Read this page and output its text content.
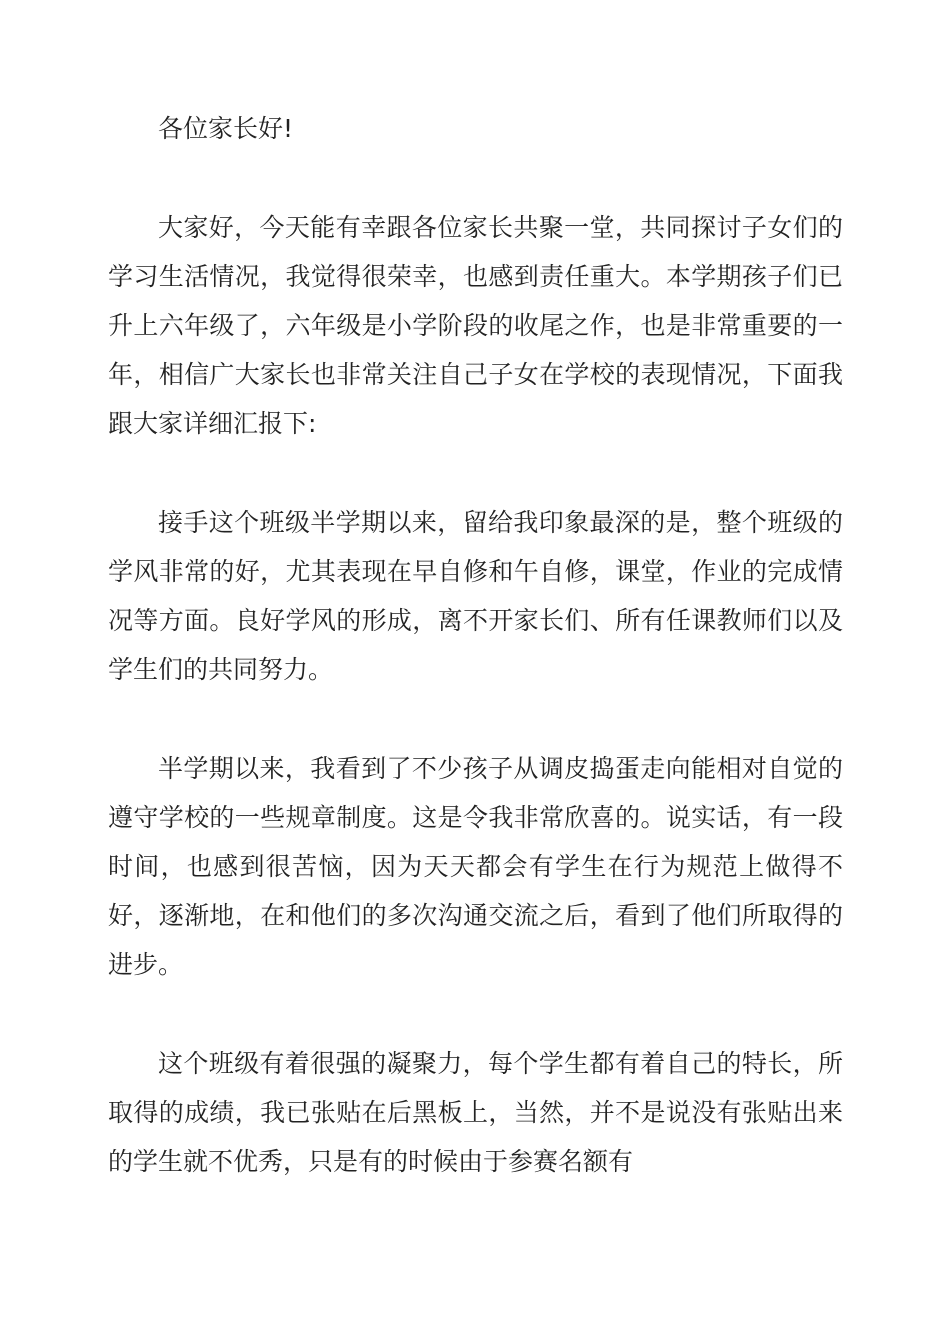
各位家长好!

大家好，今天能有幸跟各位家长共聚一堂，共同探讨子女们的学习生活情况，我觉得很荣幸，也感到责任重大。本学期孩子们已升上六年级了，六年级是小学阶段的收尾之作，也是非常重要的一年，相信广大家长也非常关注自己子女在学校的表现情况，下面我跟大家详细汇报下:

接手这个班级半学期以来，留给我印象最深的是，整个班级的学风非常的好，尤其表现在早自修和午自修，课堂，作业的完成情况等方面。良好学风的形成，离不开家长们、所有任课教师们以及学生们的共同努力。

半学期以来，我看到了不少孩子从调皮捣蛋走向能相对自觉的遵守学校的一些规章制度。这是令我非常欣喜的。说实话，有一段时间，也感到很苦恼，因为天天都会有学生在行为规范上做得不好，逐渐地，在和他们的多次沟通交流之后，看到了他们所取得的进步。

这个班级有着很强的凝聚力，每个学生都有着自己的特长，所取得的成绩，我已张贴在后黑板上，当然，并不是说没有张贴出来的学生就不优秀，只是有的时候由于参赛名额有
